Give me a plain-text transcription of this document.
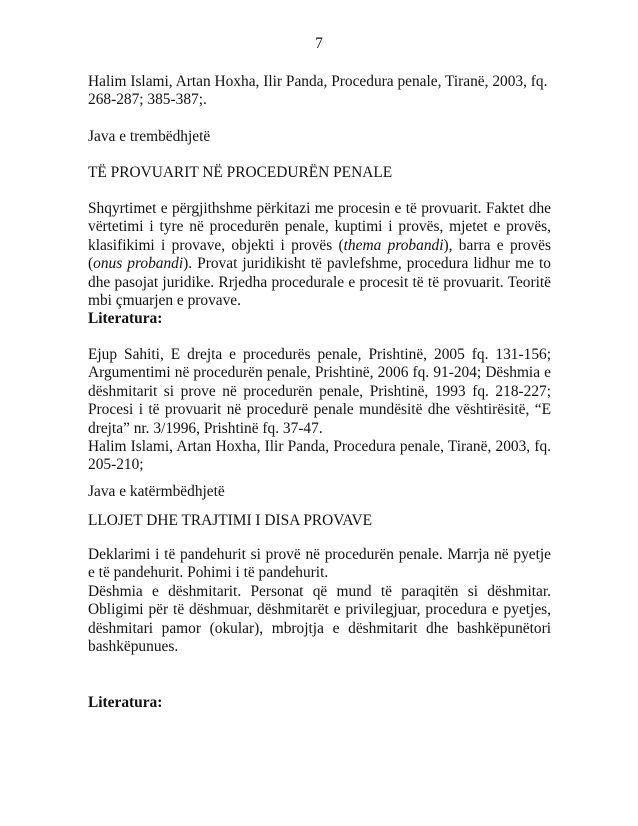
7
Halim Islami, Artan Hoxha, Ilir Panda, Procedura penale, Tiranë, 2003, fq.
268-287; 385-387;.
Java e trembëdhjetë
TË PROVUARIT NË PROCEDURËN PENALE

Shqyrtimet e përgjithshme përkitazi me procesin e të provuarit. Faktet dhe vërtetimi i tyre në procedurën penale, kuptimi i provës, mjetet e provës, klasifikimi i provave, objekti i provës (thema probandi), barra e provës (onus probandi). Provat juridikisht të pavlefshme, procedura lidhur me to dhe pasojat juridike. Rrjedha procedurale e procesit të të provuarit. Teoritë mbi çmuarjen e provave.

Literatura:

Ejup Sahiti, E drejta e procedurës penale, Prishtinë, 2005 fq. 131-156; Argumentimi në procedurën penale, Prishtinë, 2006 fq. 91-204; Dëshmia e dëshmitarit si prove në procedurën penale, Prishtinë, 1993 fq. 218-227; Procesi i të provuarit në procedurë penale mundësitë dhe vështirësitë, “E drejta” nr. 3/1996, Prishtinë fq. 37-47.
Halim Islami, Artan Hoxha, Ilir Panda, Procedura penale, Tiranë, 2003, fq. 205-210;

Java e katërmbëdhjetë
LLOJET DHE TRAJTIMI I DISA PROVAVE

Deklarimi i të pandehurit si provë në procedurën penale. Marrja në pyetje e të pandehurit. Pohimi i të pandehurit.
Dëshmia e dëshmitarit. Personat që mund të paraqitën si dëshmitar. Obligimi për të dëshmuar, dëshmitarët e privilegjuar, procedura e pyetjes, dëshmitari pamor (okular), mbrojtja e dëshmitarit dhe bashkëpunëtori bashkëpunues.

Literatura:
